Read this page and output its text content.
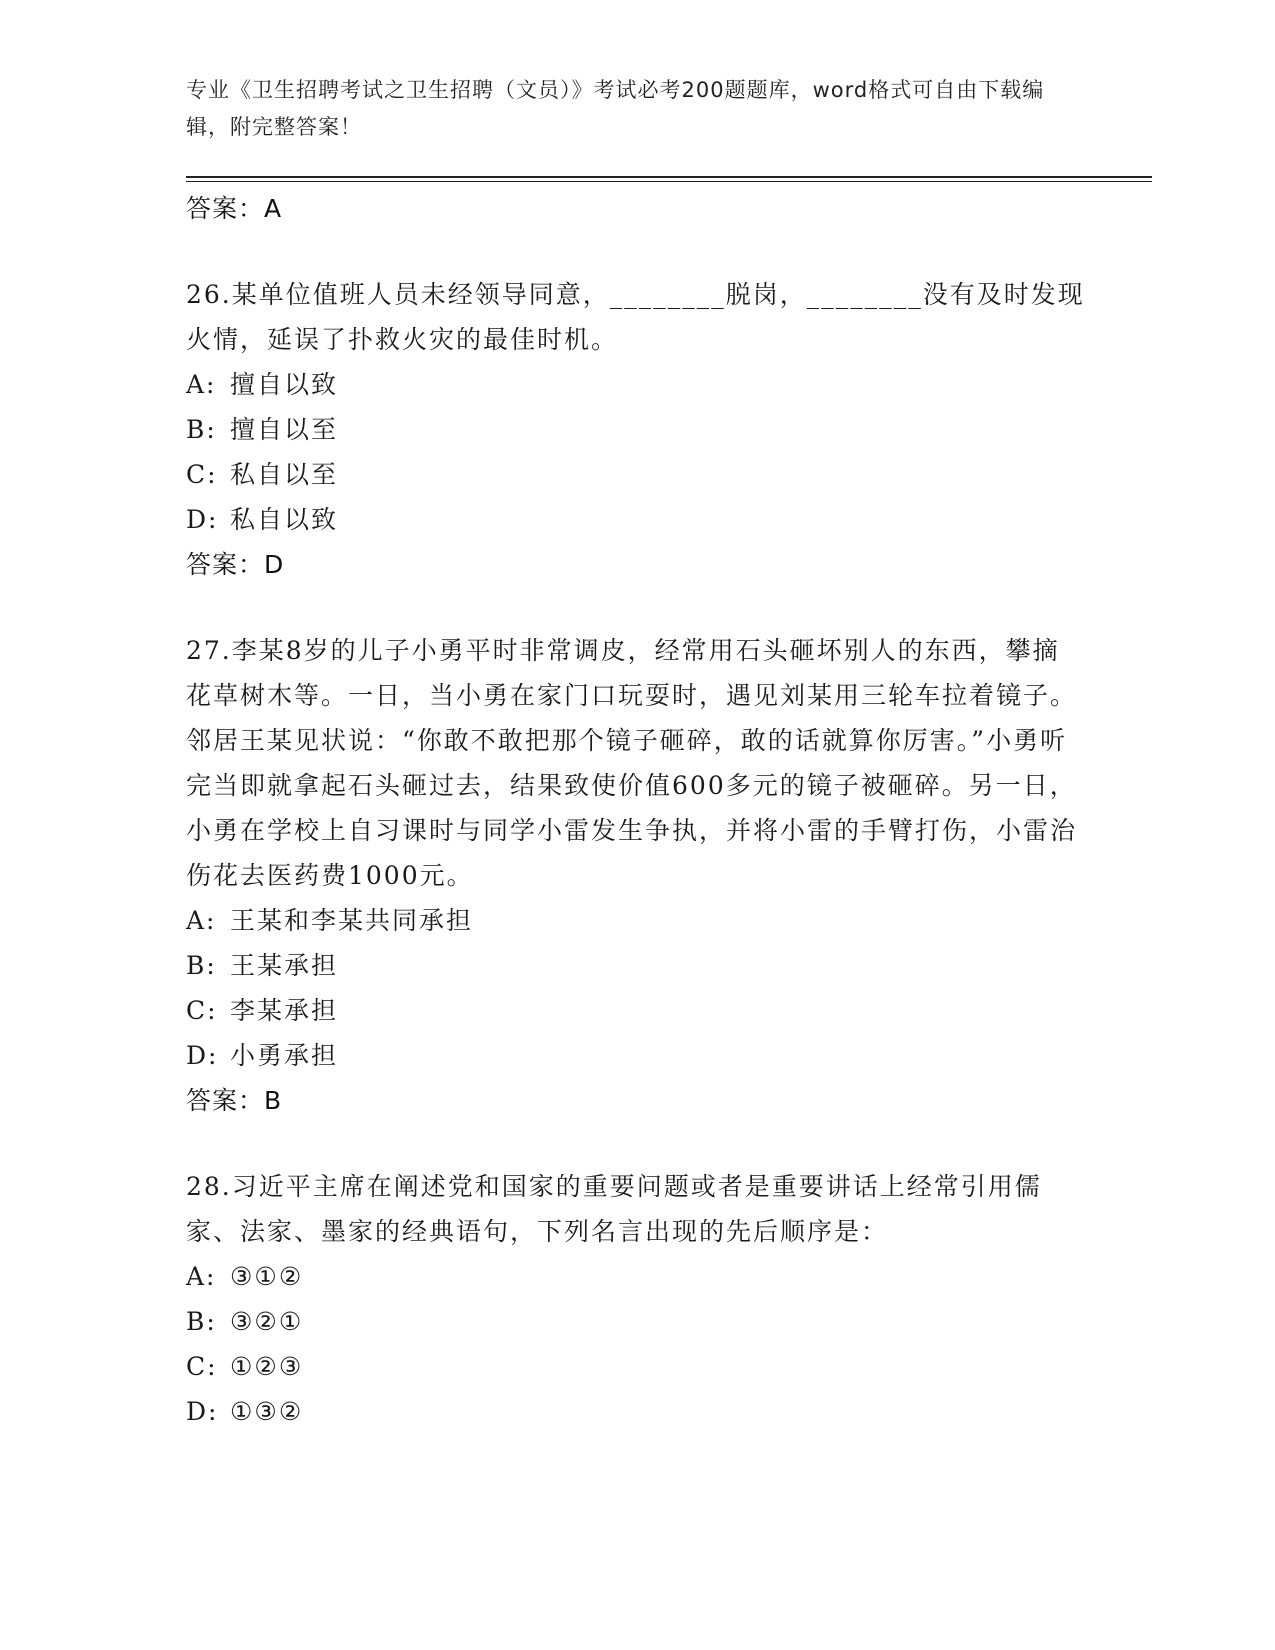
专业《卫生招聘考试之卫生招聘（文员）》考试必考200题题库，word格式可自由下载编辑，附完整答案！
答案：A
26.某单位值班人员未经领导同意，________脱岗，________没有及时发现火情，延误了扑救火灾的最佳时机。
A: 擅自以致
B: 擅自以至
C: 私自以至
D: 私自以致
答案：D
27.李某8岁的儿子小勇平时非常调皮，经常用石头砸坏别人的东西，攀摘花草树木等。一日，当小勇在家门口玩耍时，遇见刘某用三轮车拉着镜子。邻居王某见状说：“你敢不敢把那个镜子砸碎，敢的话就算你厉害。”小勇听完当即就拿起石头砸过去，结果致使价值600多元的镜子被砸碎。另一日，小勇在学校上自习课时与同学小雷发生争执，并将小雷的手臂打伤，小雷治伤花去医药费1000元。
A: 王某和李某共同承担
B: 王某承担
C: 李某承担
D: 小勇承担
答案：B
28.习近平主席在阐述党和国家的重要问题或者是重要讲话上经常引用儒家、法家、墨家的经典语句，下列名言出现的先后顺序是：
A: ③①②
B: ③②①
C: ①②③
D: ①③②
